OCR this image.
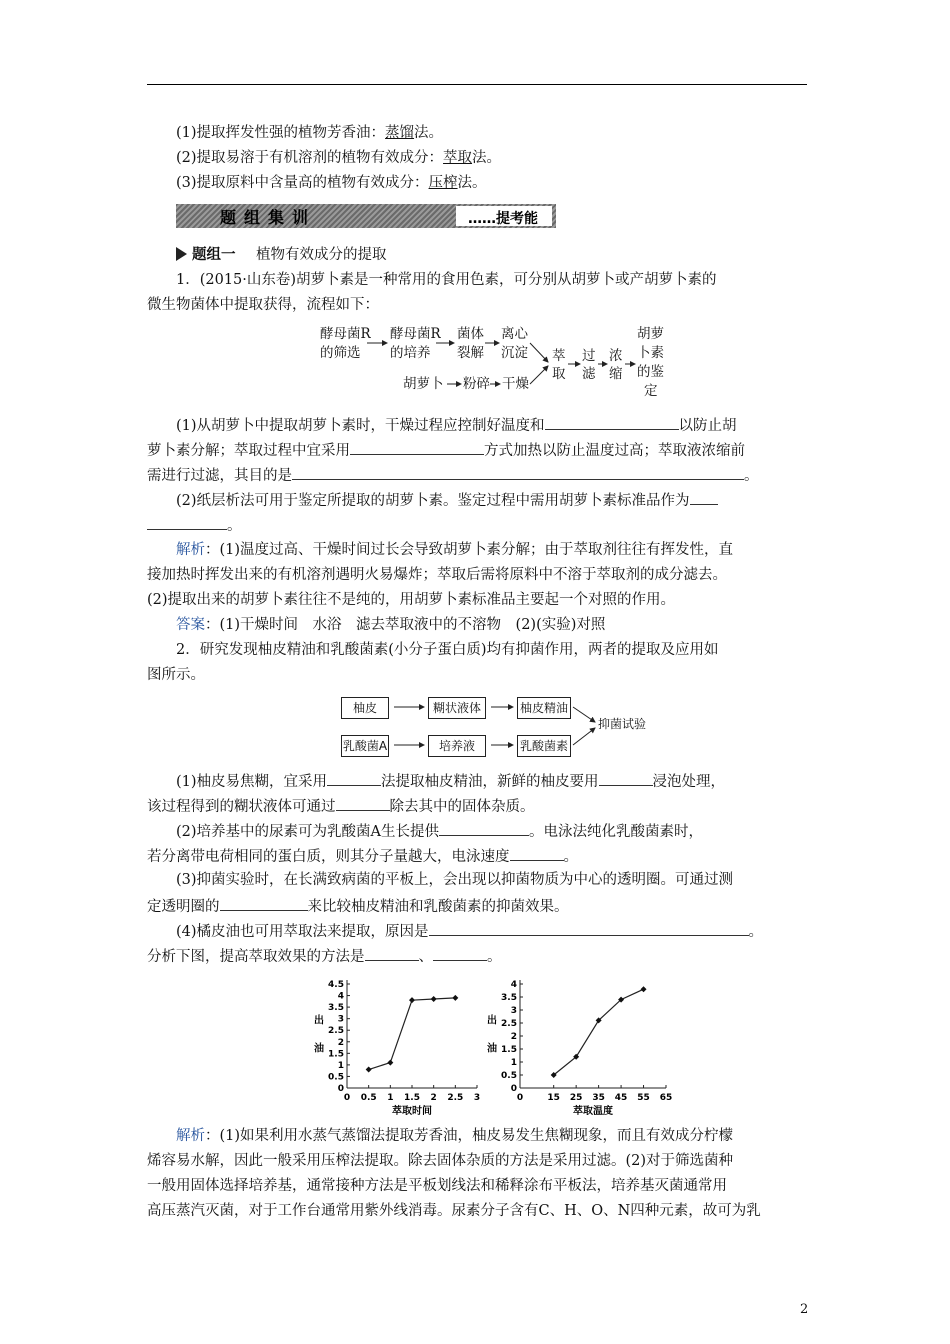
(1)提取挥发性强的植物芳香油：蒸馏法。
(2)提取易溶于有机溶剂的植物有效成分：萃取法。
(3)提取原料中含量高的植物有效成分：压榨法。
题组集训	……提考能
题组一 植物有效成分的提取
1．(2015·山东卷)胡萝卜素是一种常用的食用色素，可分别从胡萝卜或产胡萝卜素的
微生物菌体中提取获得，流程如下：
酵母菌R
的筛选
酵母菌R
的培养
菌体
裂解
离心
沉淀
胡萝卜 粉碎 干燥
萃
取
过
滤
浓
缩
胡萝
卜素
的鉴
定
(1)从胡萝卜中提取胡萝卜素时，干燥过程应控制好温度和	以防止胡
萝卜素分解；萃取过程中宜采用	方式加热以防止温度过高；萃取液浓缩前
需进行过滤，其目的是	。
(2)纸层析法可用于鉴定所提取的胡萝卜素。鉴定过程中需用胡萝卜素标准品作为
。
解析：(1)温度过高、干燥时间过长会导致胡萝卜素分解；由于萃取剂往往有挥发性，直
接加热时挥发出来的有机溶剂遇明火易爆炸；萃取后需将原料中不溶于萃取剂的成分滤去。
(2)提取出来的胡萝卜素往往不是纯的，用胡萝卜素标准品主要起一个对照的作用。
答案：(1)干燥时间　水浴　滤去萃取液中的不溶物　(2)(实验)对照
2．研究发现柚皮精油和乳酸菌素(小分子蛋白质)均有抑菌作用，两者的提取及应用如
图所示。
柚皮	糊状液体	柚皮精油
乳酸菌A	培养液	乳酸菌素
抑菌试验
(1)柚皮易焦糊，宜采用	法提取柚皮精油，新鲜的柚皮要用	浸泡处理，
该过程得到的糊状液体可通过	除去其中的固体杂质。
(2)培养基中的尿素可为乳酸菌A生长提供	。电泳法纯化乳酸菌素时，
若分离带电荷相同的蛋白质，则其分子量越大，电泳速度	。
(3)抑菌实验时，在长满致病菌的平板上，会出现以抑菌物质为中心的透明圈。可通过测
定透明圈的	来比较柚皮精油和乳酸菌素的抑菌效果。
(4)橘皮油也可用萃取法来提取，原因是	。
分析下图，提高萃取效果的方法是	、	。
0
0.5
1
1.5
2
2.5
3
3.5
4
4.5
0 0.5 1 1.5 2 2.5 3
萃取时间
出
油
0
0.5
1
1.5
2
2.5
3
3.5
4
0	15 25 35 45 55 65
萃取温度
出
油
解析：(1)如果利用水蒸气蒸馏法提取芳香油，柚皮易发生焦糊现象，而且有效成分柠檬
烯容易水解，因此一般采用压榨法提取。除去固体杂质的方法是采用过滤。(2)对于筛选菌种
一般用固体选择培养基，通常接种方法是平板划线法和稀释涂布平板法，培养基灭菌通常用
高压蒸汽灭菌，对于工作台通常用紫外线消毒。尿素分子含有C、H、O、N四种元素，故可为乳
2
